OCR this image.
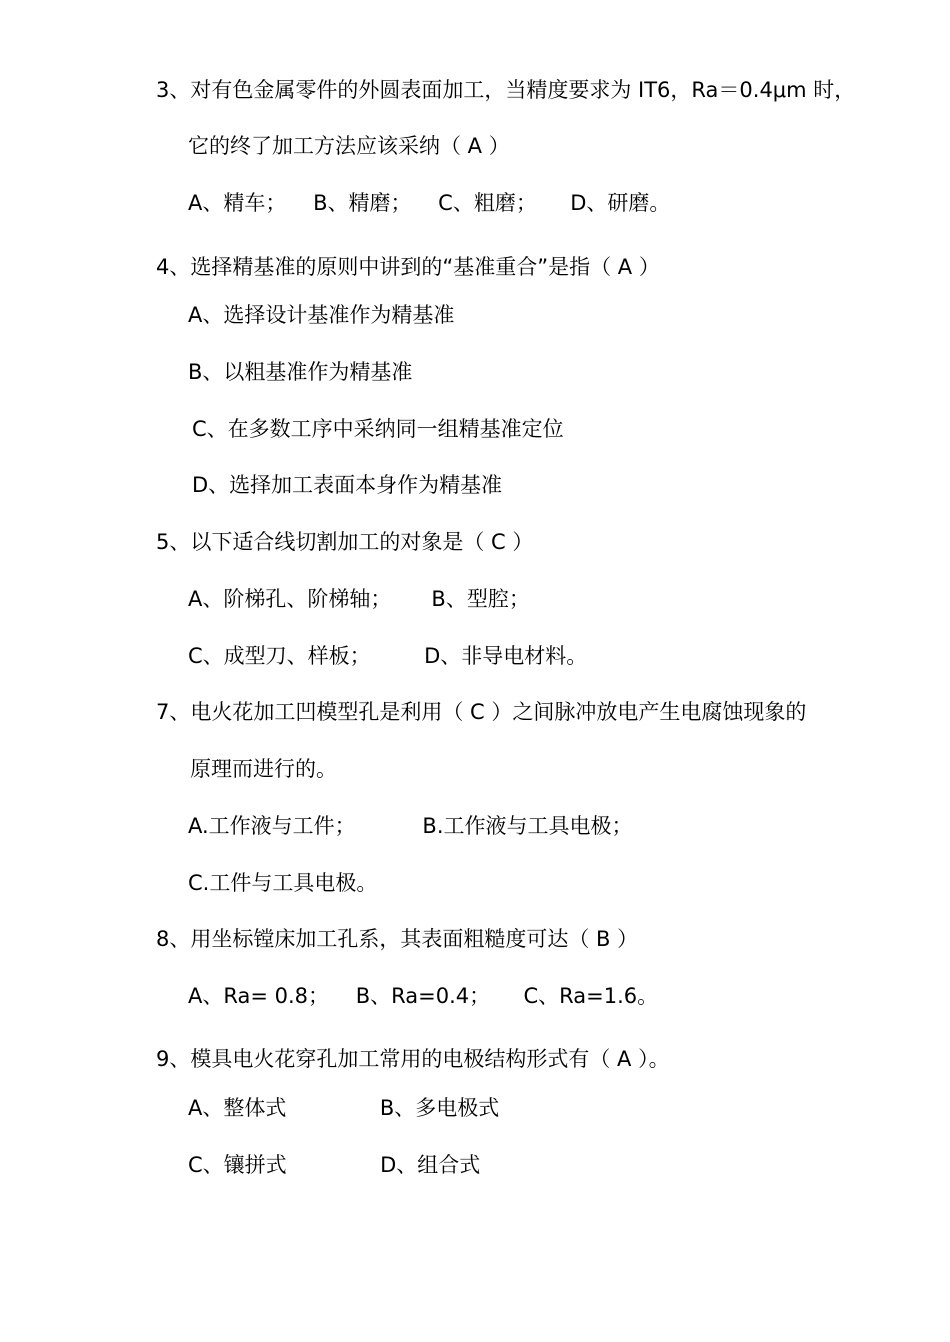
3、对有色金属零件的外圆表面加工，当精度要求为 IT6，Ra＝0.4μm 时，

它的终了加工方法应该采纳（ A ）

A、精车；    B、精磨；    C、粗磨；     D、研磨。

4、选择精基准的原则中讲到的“基准重合”是指（ A ）

A、选择设计基准作为精基准

B、以粗基准作为精基准

C、在多数工序中采纳同一组精基准定位

D、选择加工表面本身作为精基准

5、以下适合线切割加工的对象是（ C ）

A、阶梯孔、阶梯轴；      B、型腔；

C、成型刀、样板；        D、非导电材料。

7、电火花加工凹模型孔是利用（ C ）之间脉冲放电产生电腐蚀现象的

原理而进行的。

A.工作液与工件；          B.工作液与工具电极；

C.工件与工具电极。

8、用坐标镗床加工孔系，其表面粗糙度可达（ B ）

A、Ra= 0.8；    B、Ra=0.4；     C、Ra=1.6。

9、模具电火花穿孔加工常用的电极结构形式有（ A ）。

A、整体式              B、多电极式

C、镶拼式              D、组合式
